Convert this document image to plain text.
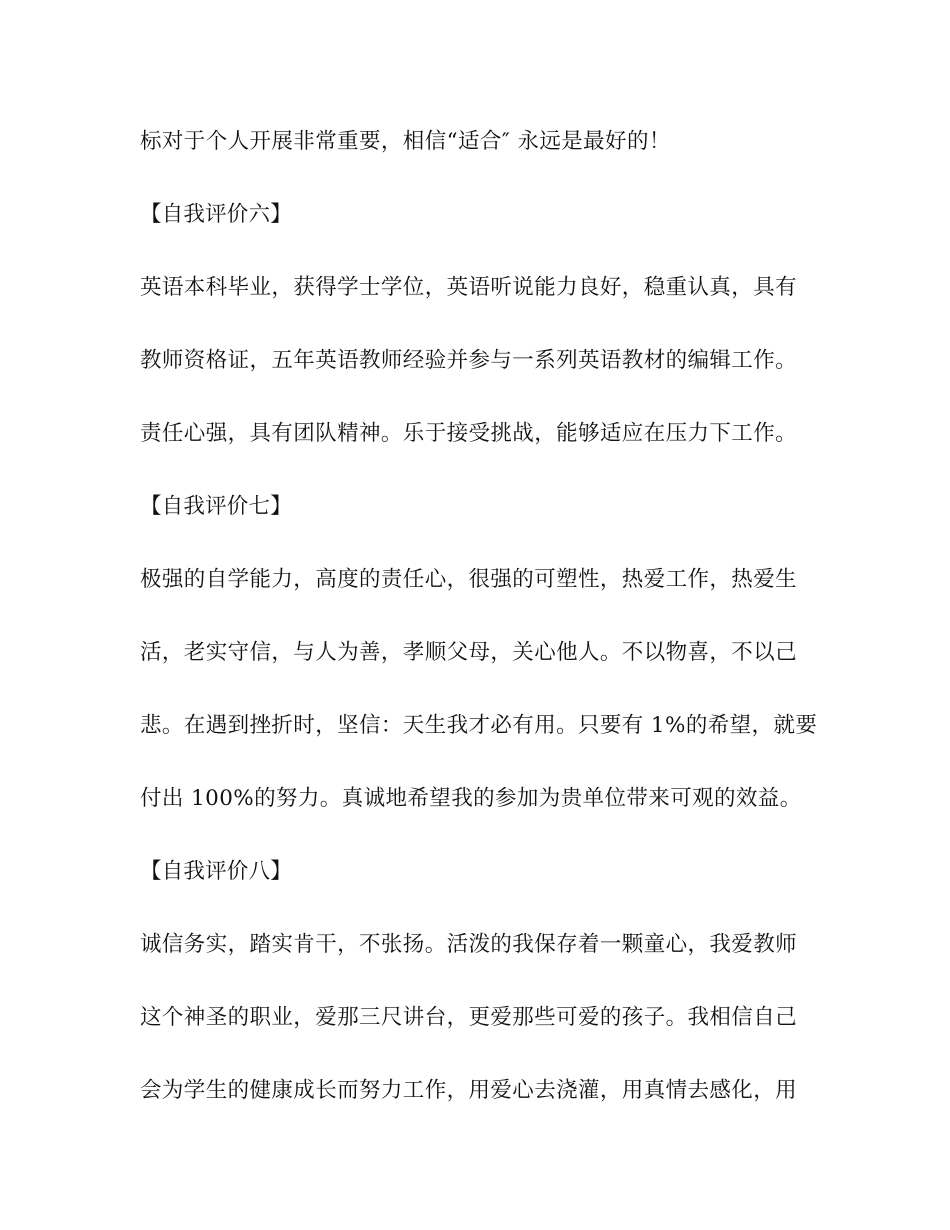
标对于个人开展非常重要，相信“适合″ 永远是最好的！
【自我评价六】
英语本科毕业，获得学士学位，英语听说能力良好，稳重认真，具有
教师资格证，五年英语教师经验并参与一系列英语教材的编辑工作。
责任心强，具有团队精神。乐于接受挑战，能够适应在压力下工作。
【自我评价七】
极强的自学能力，高度的责任心，很强的可塑性，热爱工作，热爱生
活，老实守信，与人为善，孝顺父母，关心他人。不以物喜，不以己
悲。在遇到挫折时，坚信：天生我才必有用。只要有 1%的希望，就要
付出 100%的努力。真诚地希望我的参加为贵单位带来可观的效益。
【自我评价八】
诚信务实，踏实肯干，不张扬。活泼的我保存着一颗童心，我爱教师
这个神圣的职业，爱那三尺讲台，更爱那些可爱的孩子。我相信自己
会为学生的健康成长而努力工作，用爱心去浇灌，用真情去感化，用
